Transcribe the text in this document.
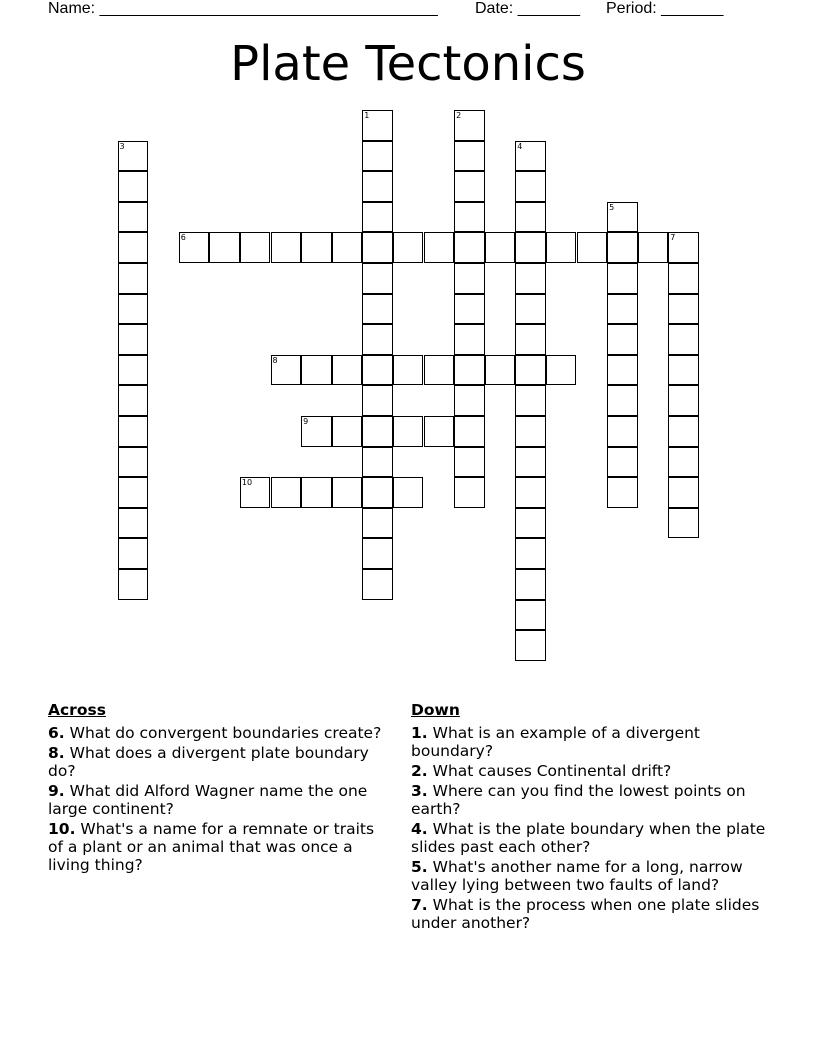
Name: ______________________________________ Date: _______ Period: _______
Plate Tectonics
1	2
3	4
5
6	7
8
9
10
Across
6. What do convergent boundaries create?
8. What does a divergent plate boundary do?
9. What did Alford Wagner name the one large continent?
10. What's a name for a remnate or traits of a plant or an animal that was once a living thing?
Down
1. What is an example of a divergent boundary?
2. What causes Continental drift?
3. Where can you find the lowest points on earth?
4. What is the plate boundary when the plate slides past each other?
5. What's another name for a long, narrow valley lying between two faults of land?
7. What is the process when one plate slides under another?
